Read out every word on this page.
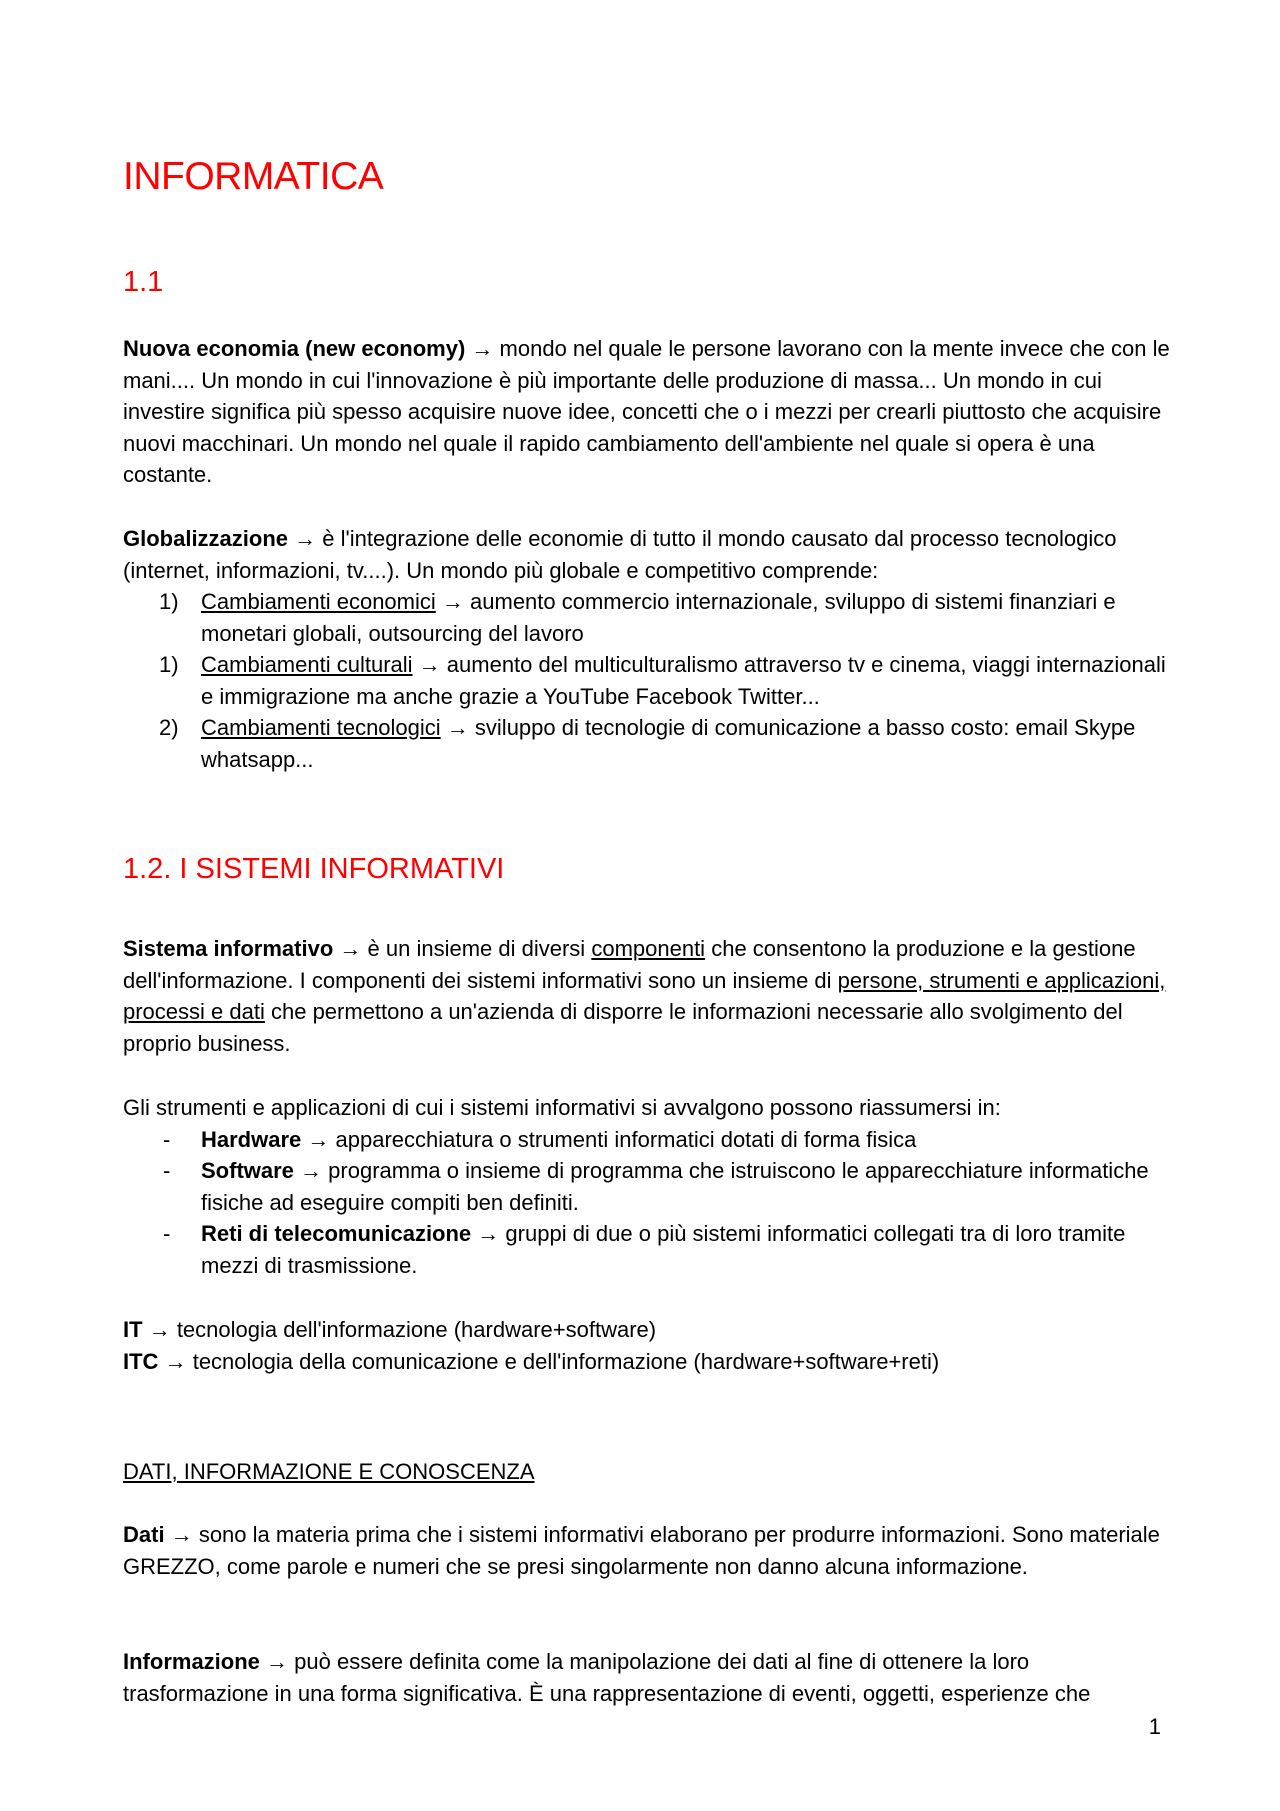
INFORMATICA
1.1

Nuova economia (new economy) → mondo nel quale le persone lavorano con la mente invece che con le mani.... Un mondo in cui l'innovazione è più importante delle produzione di massa... Un mondo in cui investire significa più spesso acquisire nuove idee, concetti che o i mezzi per crearli piuttosto che acquisire nuovi macchinari. Un mondo nel quale il rapido cambiamento dell'ambiente nel quale si opera è una costante.

Globalizzazione → è l'integrazione delle economie di tutto il mondo causato dal processo tecnologico (internet, informazioni, tv....). Un mondo più globale e competitivo comprende:

1) Cambiamenti economici → aumento commercio internazionale, sviluppo di sistemi finanziari e monetari globali, outsourcing del lavoro
1) Cambiamenti culturali → aumento del multiculturalismo attraverso tv e cinema, viaggi internazionali e immigrazione ma anche grazie a YouTube Facebook Twitter...
2) Cambiamenti tecnologici → sviluppo di tecnologie di comunicazione a basso costo: email Skype whatsapp...
1.2. I SISTEMI INFORMATIVI

Sistema informativo → è un insieme di diversi componenti che consentono la produzione e la gestione dell'informazione. I componenti dei sistemi informativi sono un insieme di persone, strumenti e applicazioni, processi e dati che permettono a un'azienda di disporre le informazioni necessarie allo svolgimento del proprio business.

Gli strumenti e applicazioni di cui i sistemi informativi si avvalgono possono riassumersi in:

- Hardware → apparecchiatura o strumenti informatici dotati di forma fisica
- Software → programma o insieme di programma che istruiscono le apparecchiature informatiche fisiche ad eseguire compiti ben definiti.
- Reti di telecomunicazione → gruppi di due o più sistemi informatici collegati tra di loro tramite mezzi di trasmissione.

IT → tecnologia dell'informazione (hardware+software)

ITC → tecnologia della comunicazione e dell'informazione (hardware+software+reti)

DATI, INFORMAZIONE E CONOSCENZA

Dati → sono la materia prima che i sistemi informativi elaborano per produrre informazioni. Sono materiale GREZZO, come parole e numeri che se presi singolarmente non danno alcuna informazione.

Informazione → può essere definita come la manipolazione dei dati al fine di ottenere la loro trasformazione in una forma significativa. È una rappresentazione di eventi, oggetti, esperienze che

1
